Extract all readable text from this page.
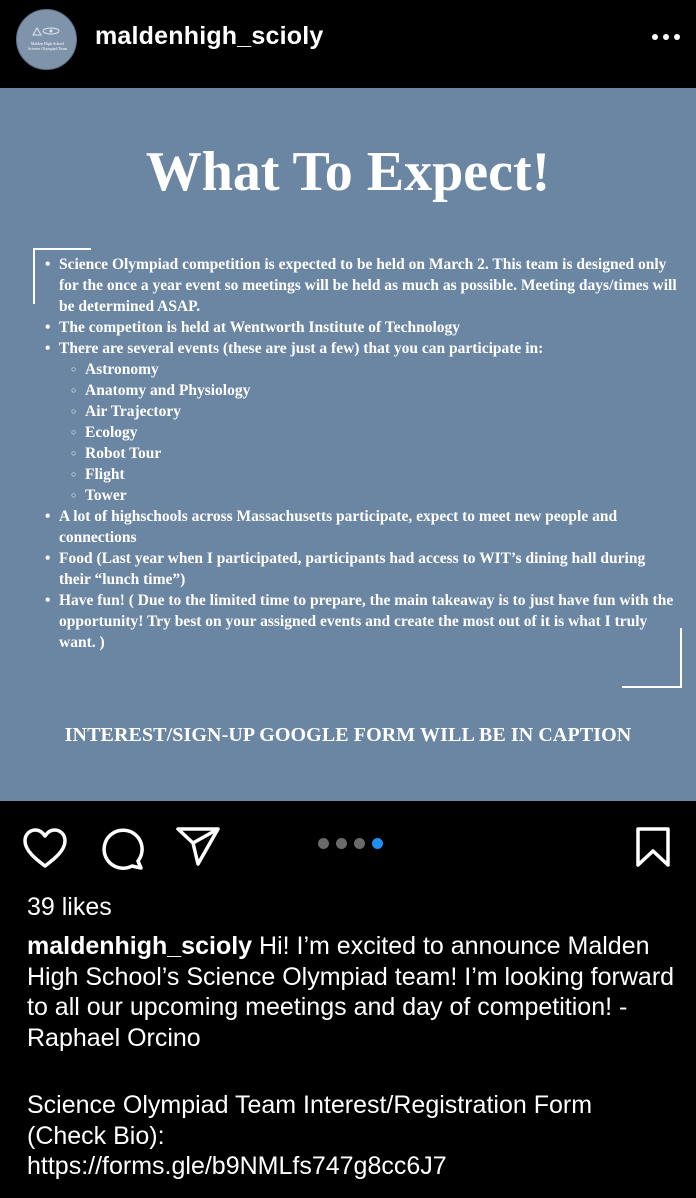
Malden High School
Science Olympiad Team maldenhigh_scioly
What To Expect!
• Science Olympiad competition is expected to be held on March 2. This team is designed only for the once a year event so meetings will be held as much as possible. Meeting days/times will be determined ASAP.
• The competiton is held at Wentworth Institute of Technology
• There are several events (these are just a few) that you can participate in:
○ Astronomy
○ Anatomy and Physiology
○ Air Trajectory
○ Ecology
○ Robot Tour
○ Flight
○ Tower
• A lot of highschools across Massachusetts participate, expect to meet new people and connections
• Food (Last year when I participated, participants had access to WIT’s dining hall during their “lunch time”)
• Have fun! ( Due to the limited time to prepare, the main takeaway is to just have fun with the opportunity! Try best on your assigned events and create the most out of it is what I truly want. )
INTEREST/SIGN-UP GOOGLE FORM WILL BE IN CAPTION
39 likes
maldenhigh_scioly Hi! I’m excited to announce Malden High School’s Science Olympiad team! I’m looking forward to all our upcoming meetings and day of competition! - Raphael Orcino
Science Olympiad Team Interest/Registration Form (Check Bio):
https://forms.gle/b9NMLfs747g8cc6J7
